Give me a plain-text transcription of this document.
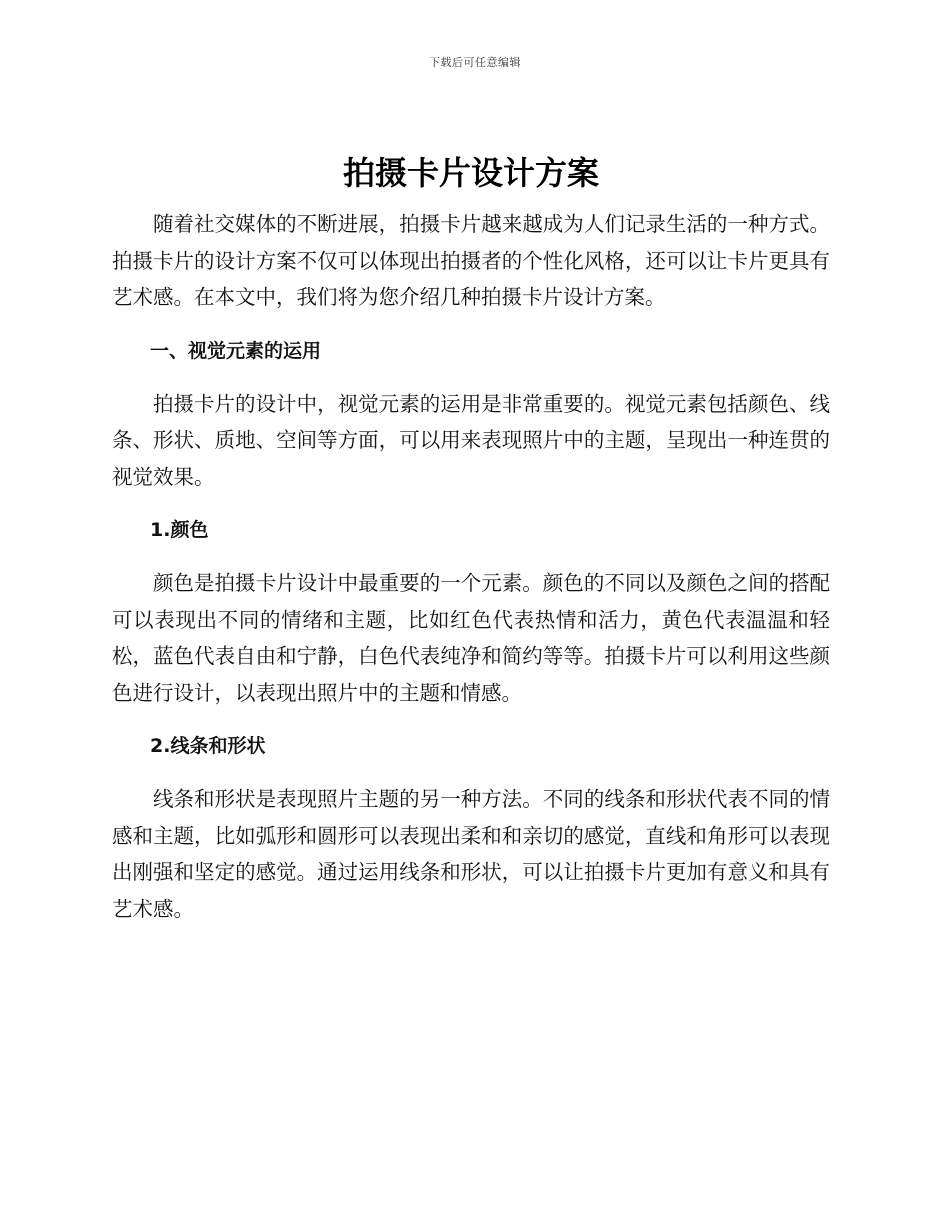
下载后可任意编辑
拍摄卡片设计方案

随着社交媒体的不断进展，拍摄卡片越来越成为人们记录生活的一种方式。拍摄卡片的设计方案不仅可以体现出拍摄者的个性化风格，还可以让卡片更具有艺术感。在本文中，我们将为您介绍几种拍摄卡片设计方案。

一、视觉元素的运用

拍摄卡片的设计中，视觉元素的运用是非常重要的。视觉元素包括颜色、线条、形状、质地、空间等方面，可以用来表现照片中的主题，呈现出一种连贯的视觉效果。

1.颜色

颜色是拍摄卡片设计中最重要的一个元素。颜色的不同以及颜色之间的搭配可以表现出不同的情绪和主题，比如红色代表热情和活力，黄色代表温温和轻松，蓝色代表自由和宁静，白色代表纯净和简约等等。拍摄卡片可以利用这些颜色进行设计，以表现出照片中的主题和情感。

2.线条和形状

线条和形状是表现照片主题的另一种方法。不同的线条和形状代表不同的情感和主题，比如弧形和圆形可以表现出柔和和亲切的感觉，直线和角形可以表现出刚强和坚定的感觉。通过运用线条和形状，可以让拍摄卡片更加有意义和具有艺术感。
